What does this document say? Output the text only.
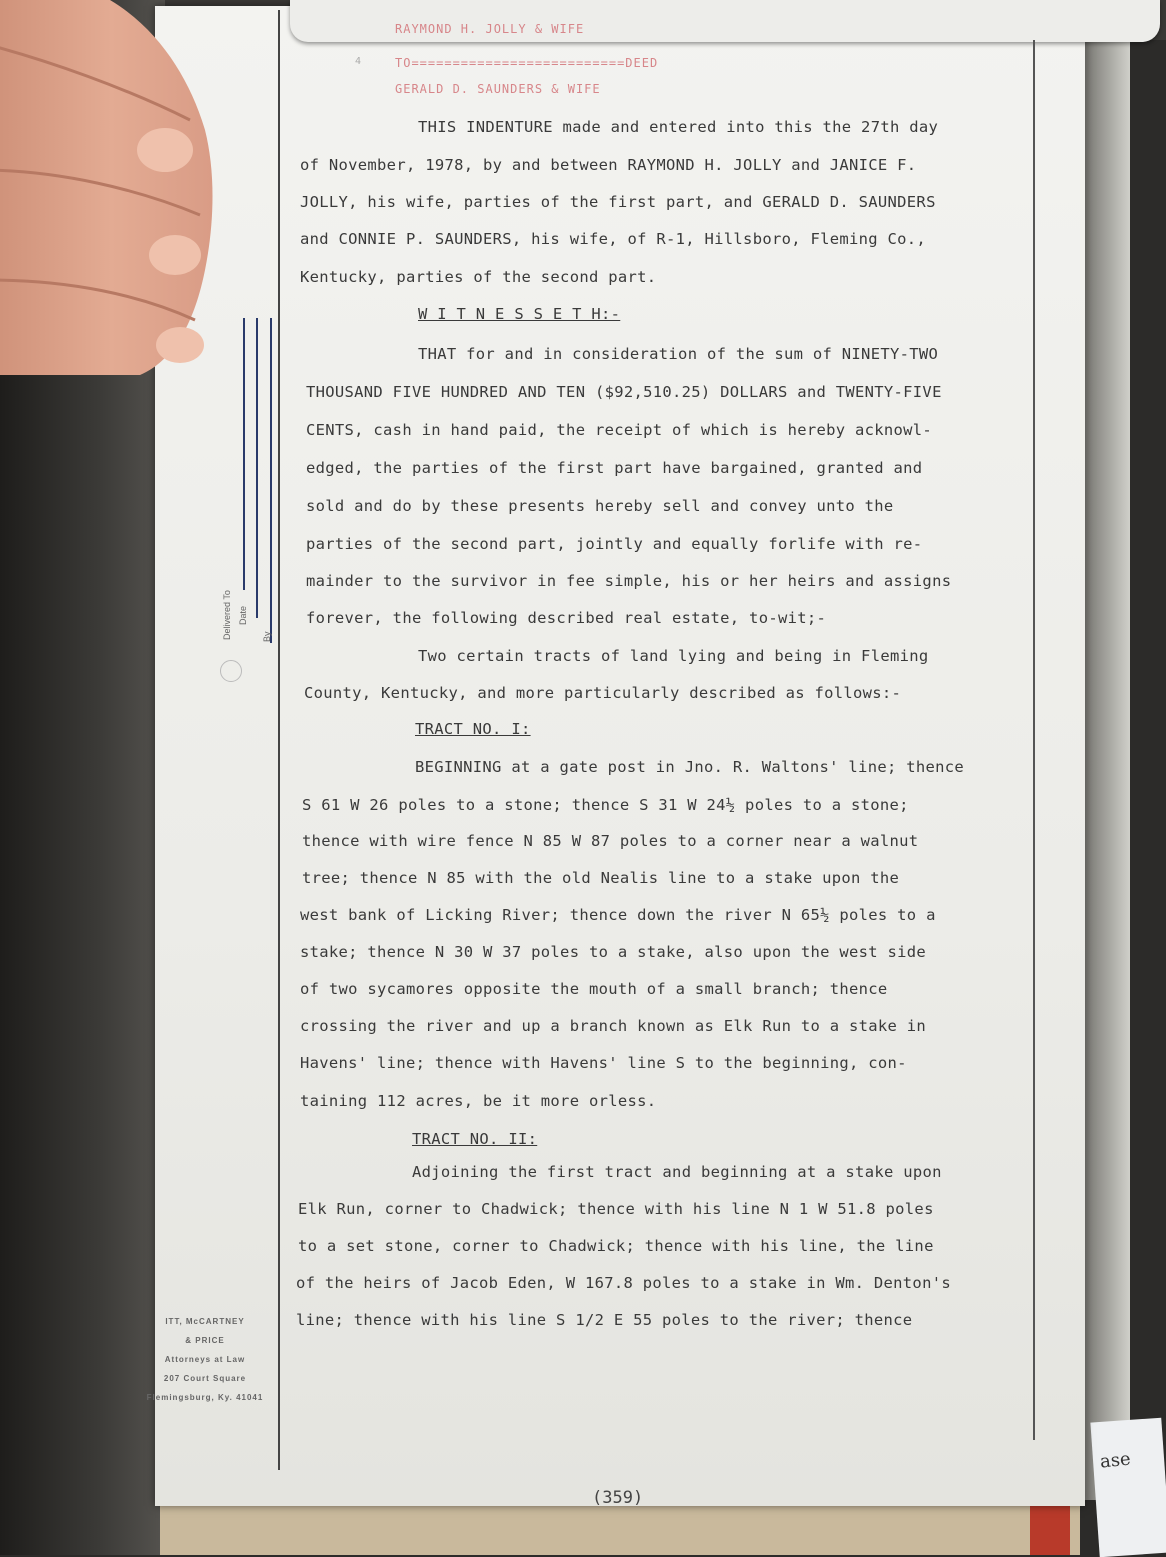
ase
RAYMOND H. JOLLY & WIFE
4	TO==========================DEED
GERALD D. SAUNDERS & WIFE
Delivered To Date
By
ITT, McCARTNEY
& PRICE
Attorneys at Law
207 Court Square
Flemingsburg, Ky. 41041
THIS INDENTURE made and entered into this the 27th day
of November, 1978, by and between RAYMOND H. JOLLY and JANICE F.
JOLLY, his wife, parties of the first part, and GERALD D. SAUNDERS
and CONNIE P. SAUNDERS, his wife, of R-1, Hillsboro, Fleming Co.,
Kentucky, parties of the second part.
W I T N E S S E T H:-
THAT for and in consideration of the sum of NINETY-TWO
THOUSAND FIVE HUNDRED AND TEN ($92,510.25) DOLLARS and TWENTY-FIVE
CENTS, cash in hand paid, the receipt of which is hereby acknowl-
edged, the parties of the first part have bargained, granted and
sold and do by these presents hereby sell and convey unto the
parties of the second part, jointly and equally forlife with re-
mainder to the survivor in fee simple, his or her heirs and assigns
forever, the following described real estate, to-wit;-
Two certain tracts of land lying and being in Fleming
County, Kentucky, and more particularly described as follows:-
TRACT NO. I:
BEGINNING at a gate post in Jno. R. Waltons' line; thence
S 61 W 26 poles to a stone; thence S 31 W 24½ poles to a stone;
thence with wire fence N 85 W 87 poles to a corner near a walnut
tree; thence N 85 with the old Nealis line to a stake upon the
west bank of Licking River; thence down the river N 65½ poles to a
stake; thence N 30 W 37 poles to a stake, also upon the west side
of two sycamores opposite the mouth of a small branch; thence
crossing the river and up a branch known as Elk Run to a stake in
Havens' line; thence with Havens' line S to the beginning, con-
taining 112 acres, be it more orless.
TRACT NO. II:
Adjoining the first tract and beginning at a stake upon
Elk Run, corner to Chadwick; thence with his line N 1 W 51.8 poles
to a set stone, corner to Chadwick; thence with his line, the line
of the heirs of Jacob Eden, W 167.8 poles to a stake in Wm. Denton's
line; thence with his line S 1/2 E 55 poles to the river; thence
(359)
